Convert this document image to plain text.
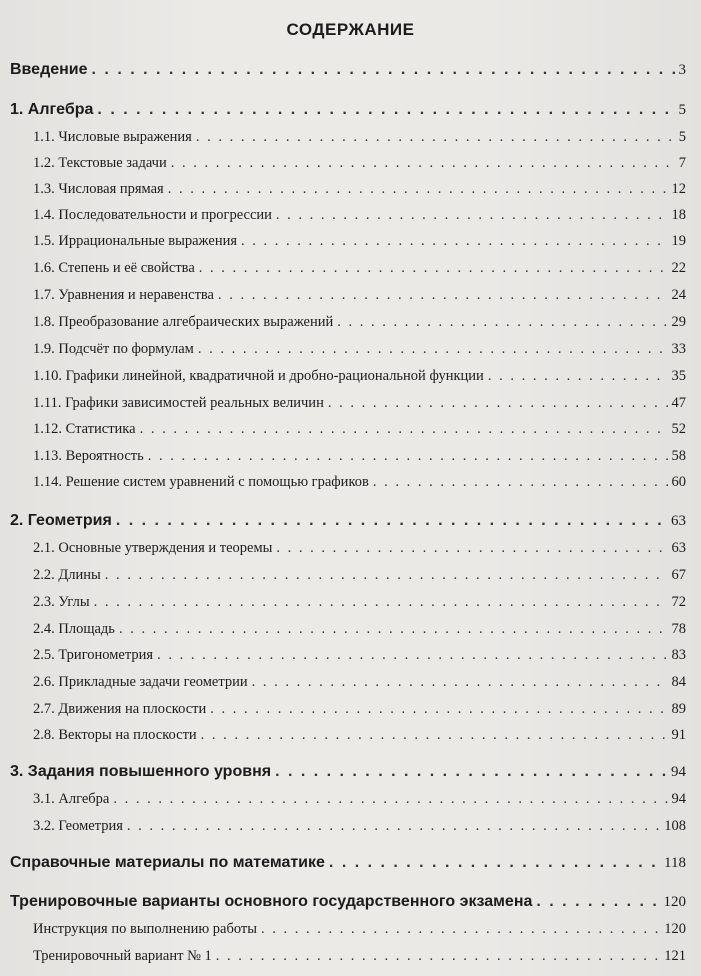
СОДЕРЖАНИЕ
Введение . . .	3
1. Алгебра . . .	5
1.1. Числовые выражения . . .	5
1.2. Текстовые задачи . . .	7
1.3. Числовая прямая . . .	12
1.4. Последовательности и прогрессии . . .	18
1.5. Иррациональные выражения . . .	19
1.6. Степень и её свойства . . .	22
1.7. Уравнения и неравенства . . .	24
1.8. Преобразование алгебраических выражений . . .	29
1.9. Подсчёт по формулам . . .	33
1.10. Графики линейной, квадратичной и дробно-рациональной функции . . .	35
1.11. Графики зависимостей реальных величин . . .	47
1.12. Статистика . . .	52
1.13. Вероятность . . .	58
1.14. Решение систем уравнений с помощью графиков . . .	60
2. Геометрия . . .	63
2.1. Основные утверждения и теоремы . . .	63
2.2. Длины . . .	67
2.3. Углы . . .	72
2.4. Площадь . . .	78
2.5. Тригонометрия . . .	83
2.6. Прикладные задачи геометрии . . .	84
2.7. Движения на плоскости . . .	89
2.8. Векторы на плоскости . . .	91
3. Задания повышенного уровня . . .	94
3.1. Алгебра . . .	94
3.2. Геометрия . . .	108
Справочные материалы по математике . . .	118
Тренировочные варианты основного государственного экзамена . . .	120
Инструкция по выполнению работы . . .	120
Тренировочный вариант № 1 . . .	121
